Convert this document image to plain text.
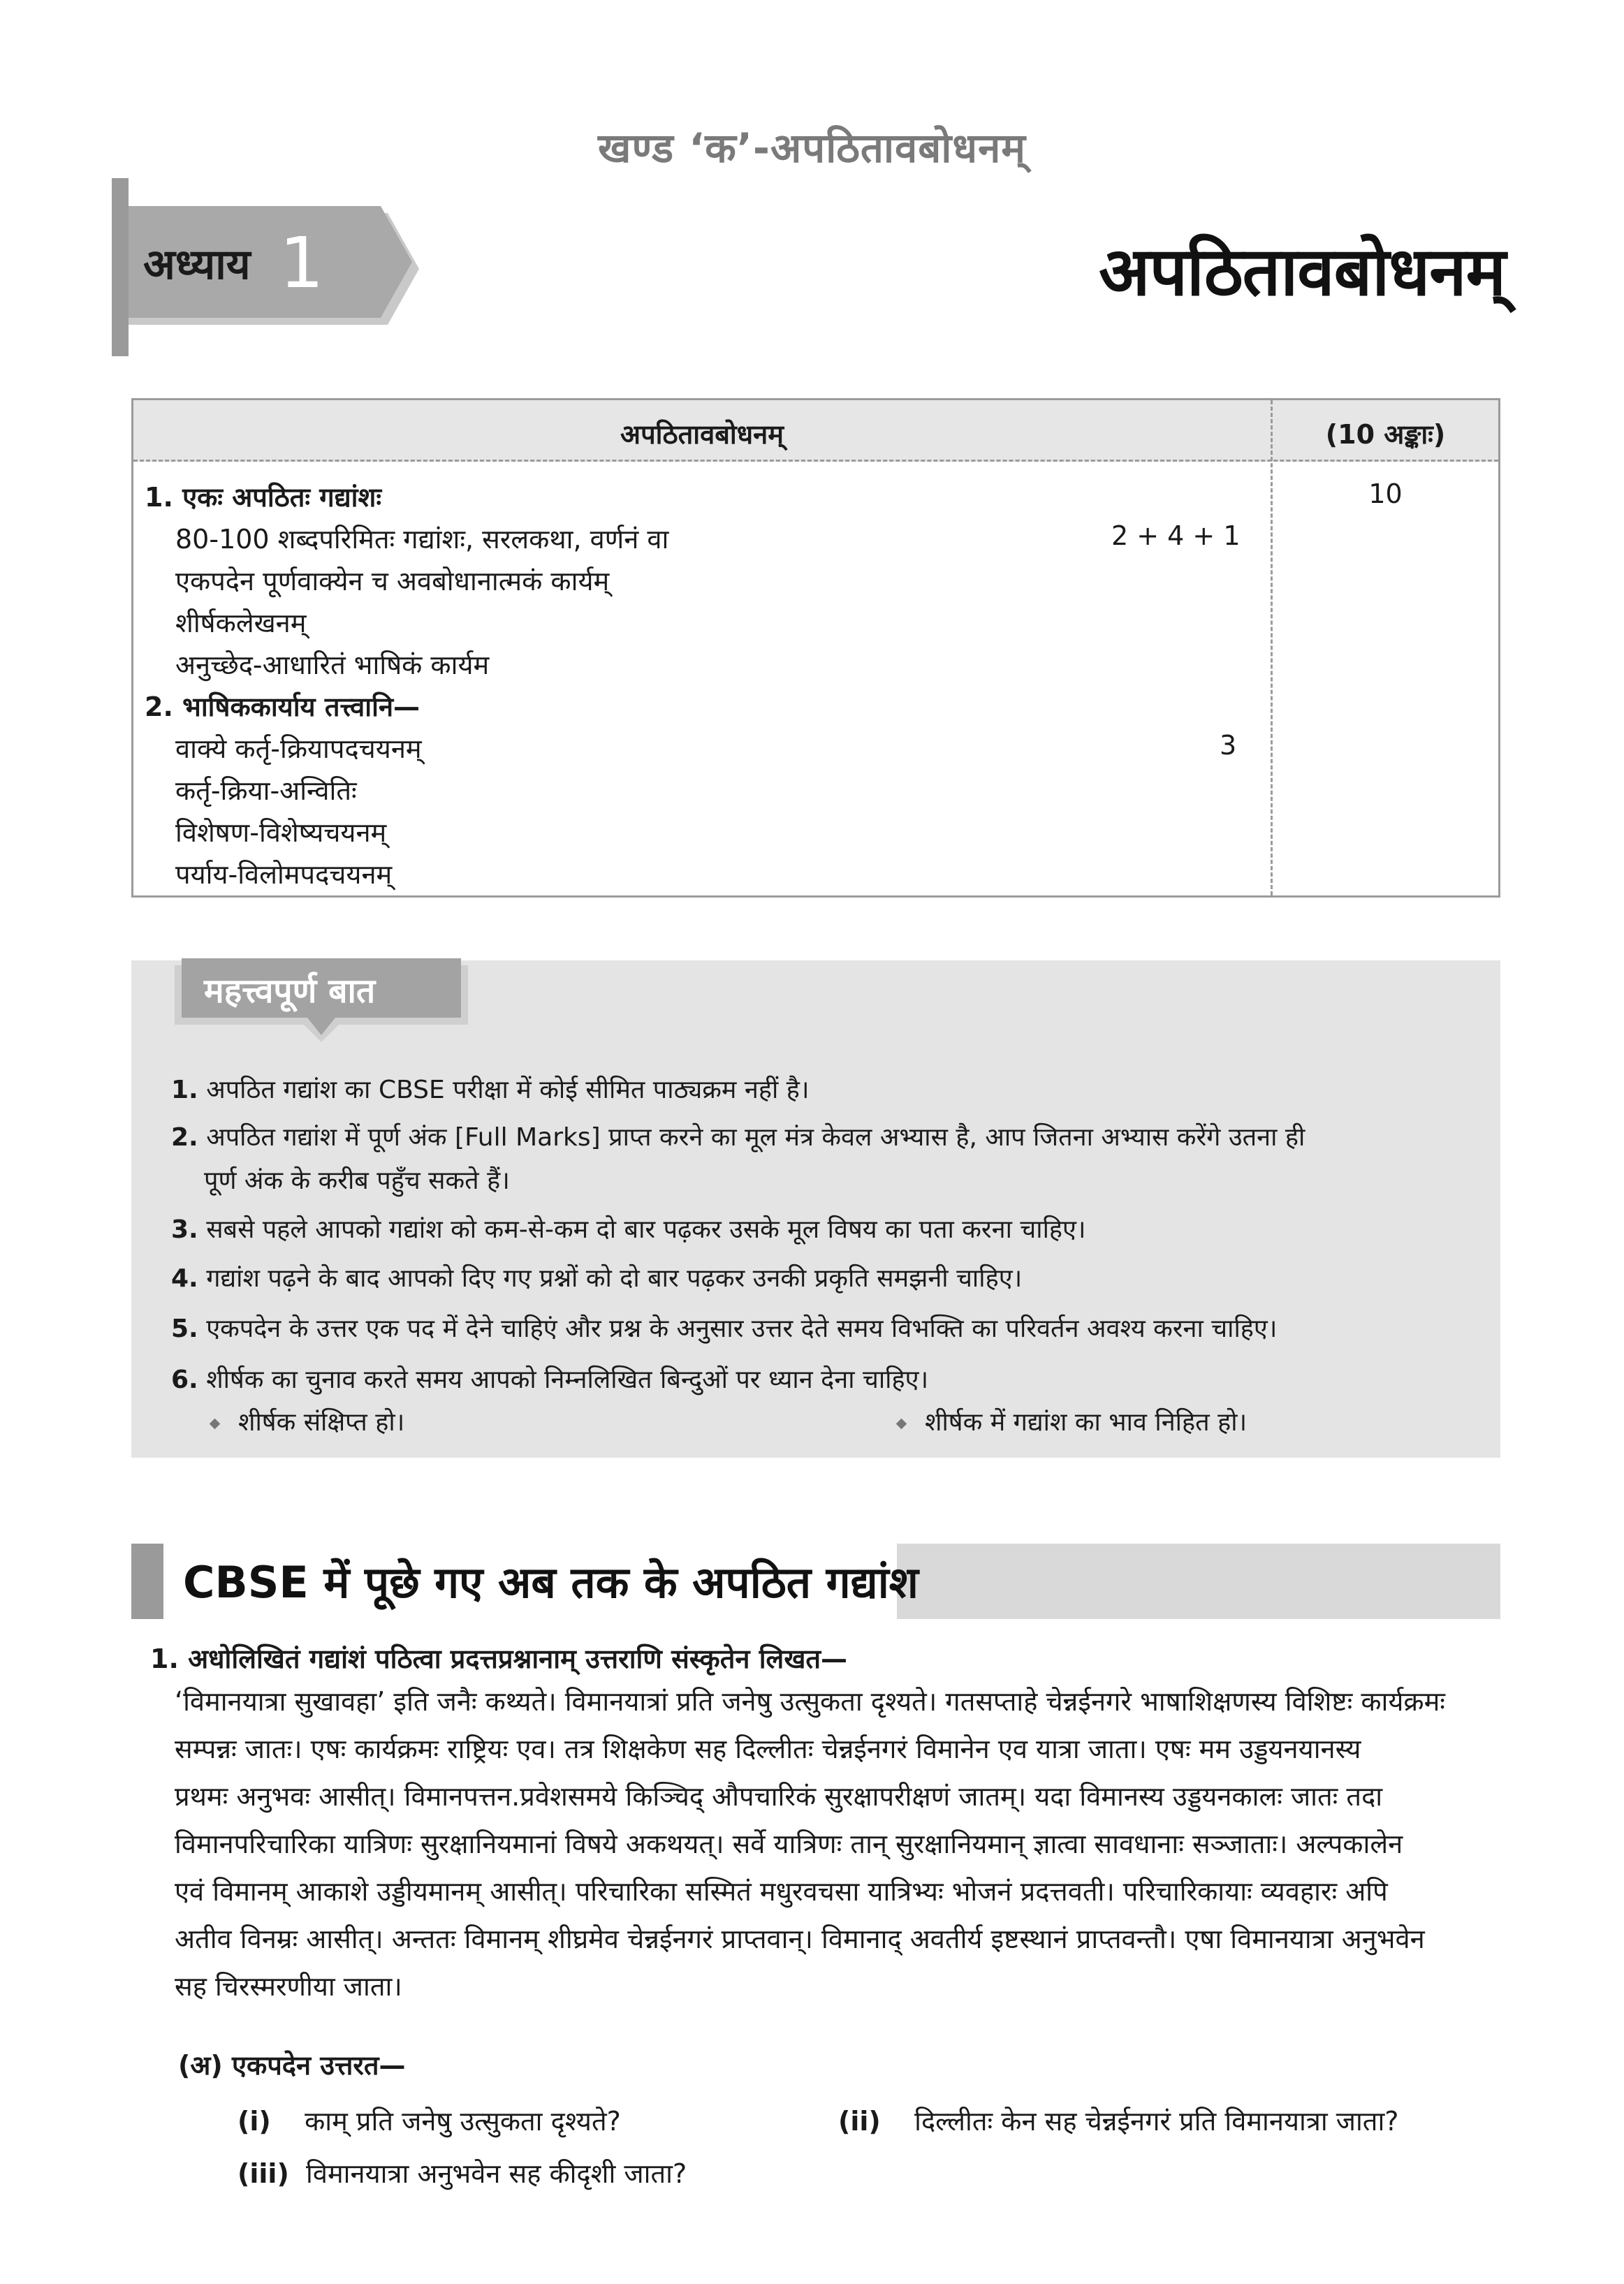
खण्ड ‘क’-अपठितावबोधनम्
अध्याय 1	अपठितावबोधनम्
अपठितावबोधनम्	(10 अङ्काः)
10
1. एकः अपठितः गद्यांशः
80-100 शब्दपरिमितः गद्यांशः, सरलकथा, वर्णनं वा	2 + 4 + 1
एकपदेन पूर्णवाक्येन च अवबोधानात्मकं कार्यम्
शीर्षकलेखनम्
अनुच्छेद-आधारितं भाषिकं कार्यम
2. भाषिककार्याय तत्त्वानि—
वाक्ये कर्तृ-क्रियापदचयनम्	3
कर्तृ-क्रिया-अन्वितिः
विशेषण-विशेष्यचयनम्
पर्याय-विलोमपदचयनम्
महत्त्वपूर्ण बात
1. अपठित गद्यांश का CBSE परीक्षा में कोई सीमित पाठ्यक्रम नहीं है।
2. अपठित गद्यांश में पूर्ण अंक [Full Marks] प्राप्त करने का मूल मंत्र केवल अभ्यास है, आप जितना अभ्यास करेंगे उतना ही
पूर्ण अंक के करीब पहुँच सकते हैं।
3. सबसे पहले आपको गद्यांश को कम-से-कम दो बार पढ़कर उसके मूल विषय का पता करना चाहिए।
4. गद्यांश पढ़ने के बाद आपको दिए गए प्रश्नों को दो बार पढ़कर उनकी प्रकृति समझनी चाहिए।
5. एकपदेन के उत्तर एक पद में देने चाहिएं और प्रश्न के अनुसार उत्तर देते समय विभक्ति का परिवर्तन अवश्य करना चाहिए।
6. शीर्षक का चुनाव करते समय आपको निम्नलिखित बिन्दुओं पर ध्यान देना चाहिए।
शीर्षक संक्षिप्त हो।	शीर्षक में गद्यांश का भाव निहित हो।
CBSE में पूछे गए अब तक के अपठित गद्यांश
1. अधोलिखितं गद्यांशं पठित्वा प्रदत्तप्रश्नानाम् उत्तराणि संस्कृतेन लिखत—
‘विमानयात्रा सुखावहा’ इति जनैः कथ्यते। विमानयात्रां प्रति जनेषु उत्सुकता दृश्यते। गतसप्ताहे चेन्नईनगरे भाषाशिक्षणस्य विशिष्टः कार्यक्रमः
सम्पन्नः जातः। एषः कार्यक्रमः राष्ट्रियः एव। तत्र शिक्षकेण सह दिल्लीतः चेन्नईनगरं विमानेन एव यात्रा जाता। एषः मम उड्डयनयानस्य
प्रथमः अनुभवः आसीत्। विमानपत्तन.प्रवेशसमये किञ्चिद् औपचारिकं सुरक्षापरीक्षणं जातम्। यदा विमानस्य उड्डयनकालः जातः तदा
विमानपरिचारिका यात्रिणः सुरक्षानियमानां विषये अकथयत्। सर्वे यात्रिणः तान् सुरक्षानियमान् ज्ञात्वा सावधानाः सञ्जाताः। अल्पकालेन
एवं विमानम् आकाशे उड्डीयमानम् आसीत्। परिचारिका सस्मितं मधुरवचसा यात्रिभ्यः भोजनं प्रदत्तवती। परिचारिकायाः व्यवहारः अपि
अतीव विनम्रः आसीत्। अन्ततः विमानम् शीघ्रमेव चेन्नईनगरं प्राप्तवान्। विमानाद् अवतीर्य इष्टस्थानं प्राप्तवन्तौ। एषा विमानयात्रा अनुभवेन
सह चिरस्मरणीया जाता।
(अ) एकपदेन उत्तरत—
(i) काम् प्रति जनेषु उत्सुकता दृश्यते?	(ii) दिल्लीतः केन सह चेन्नईनगरं प्रति विमानयात्रा जाता?
(iii) विमानयात्रा अनुभवेन सह कीदृशी जाता?
